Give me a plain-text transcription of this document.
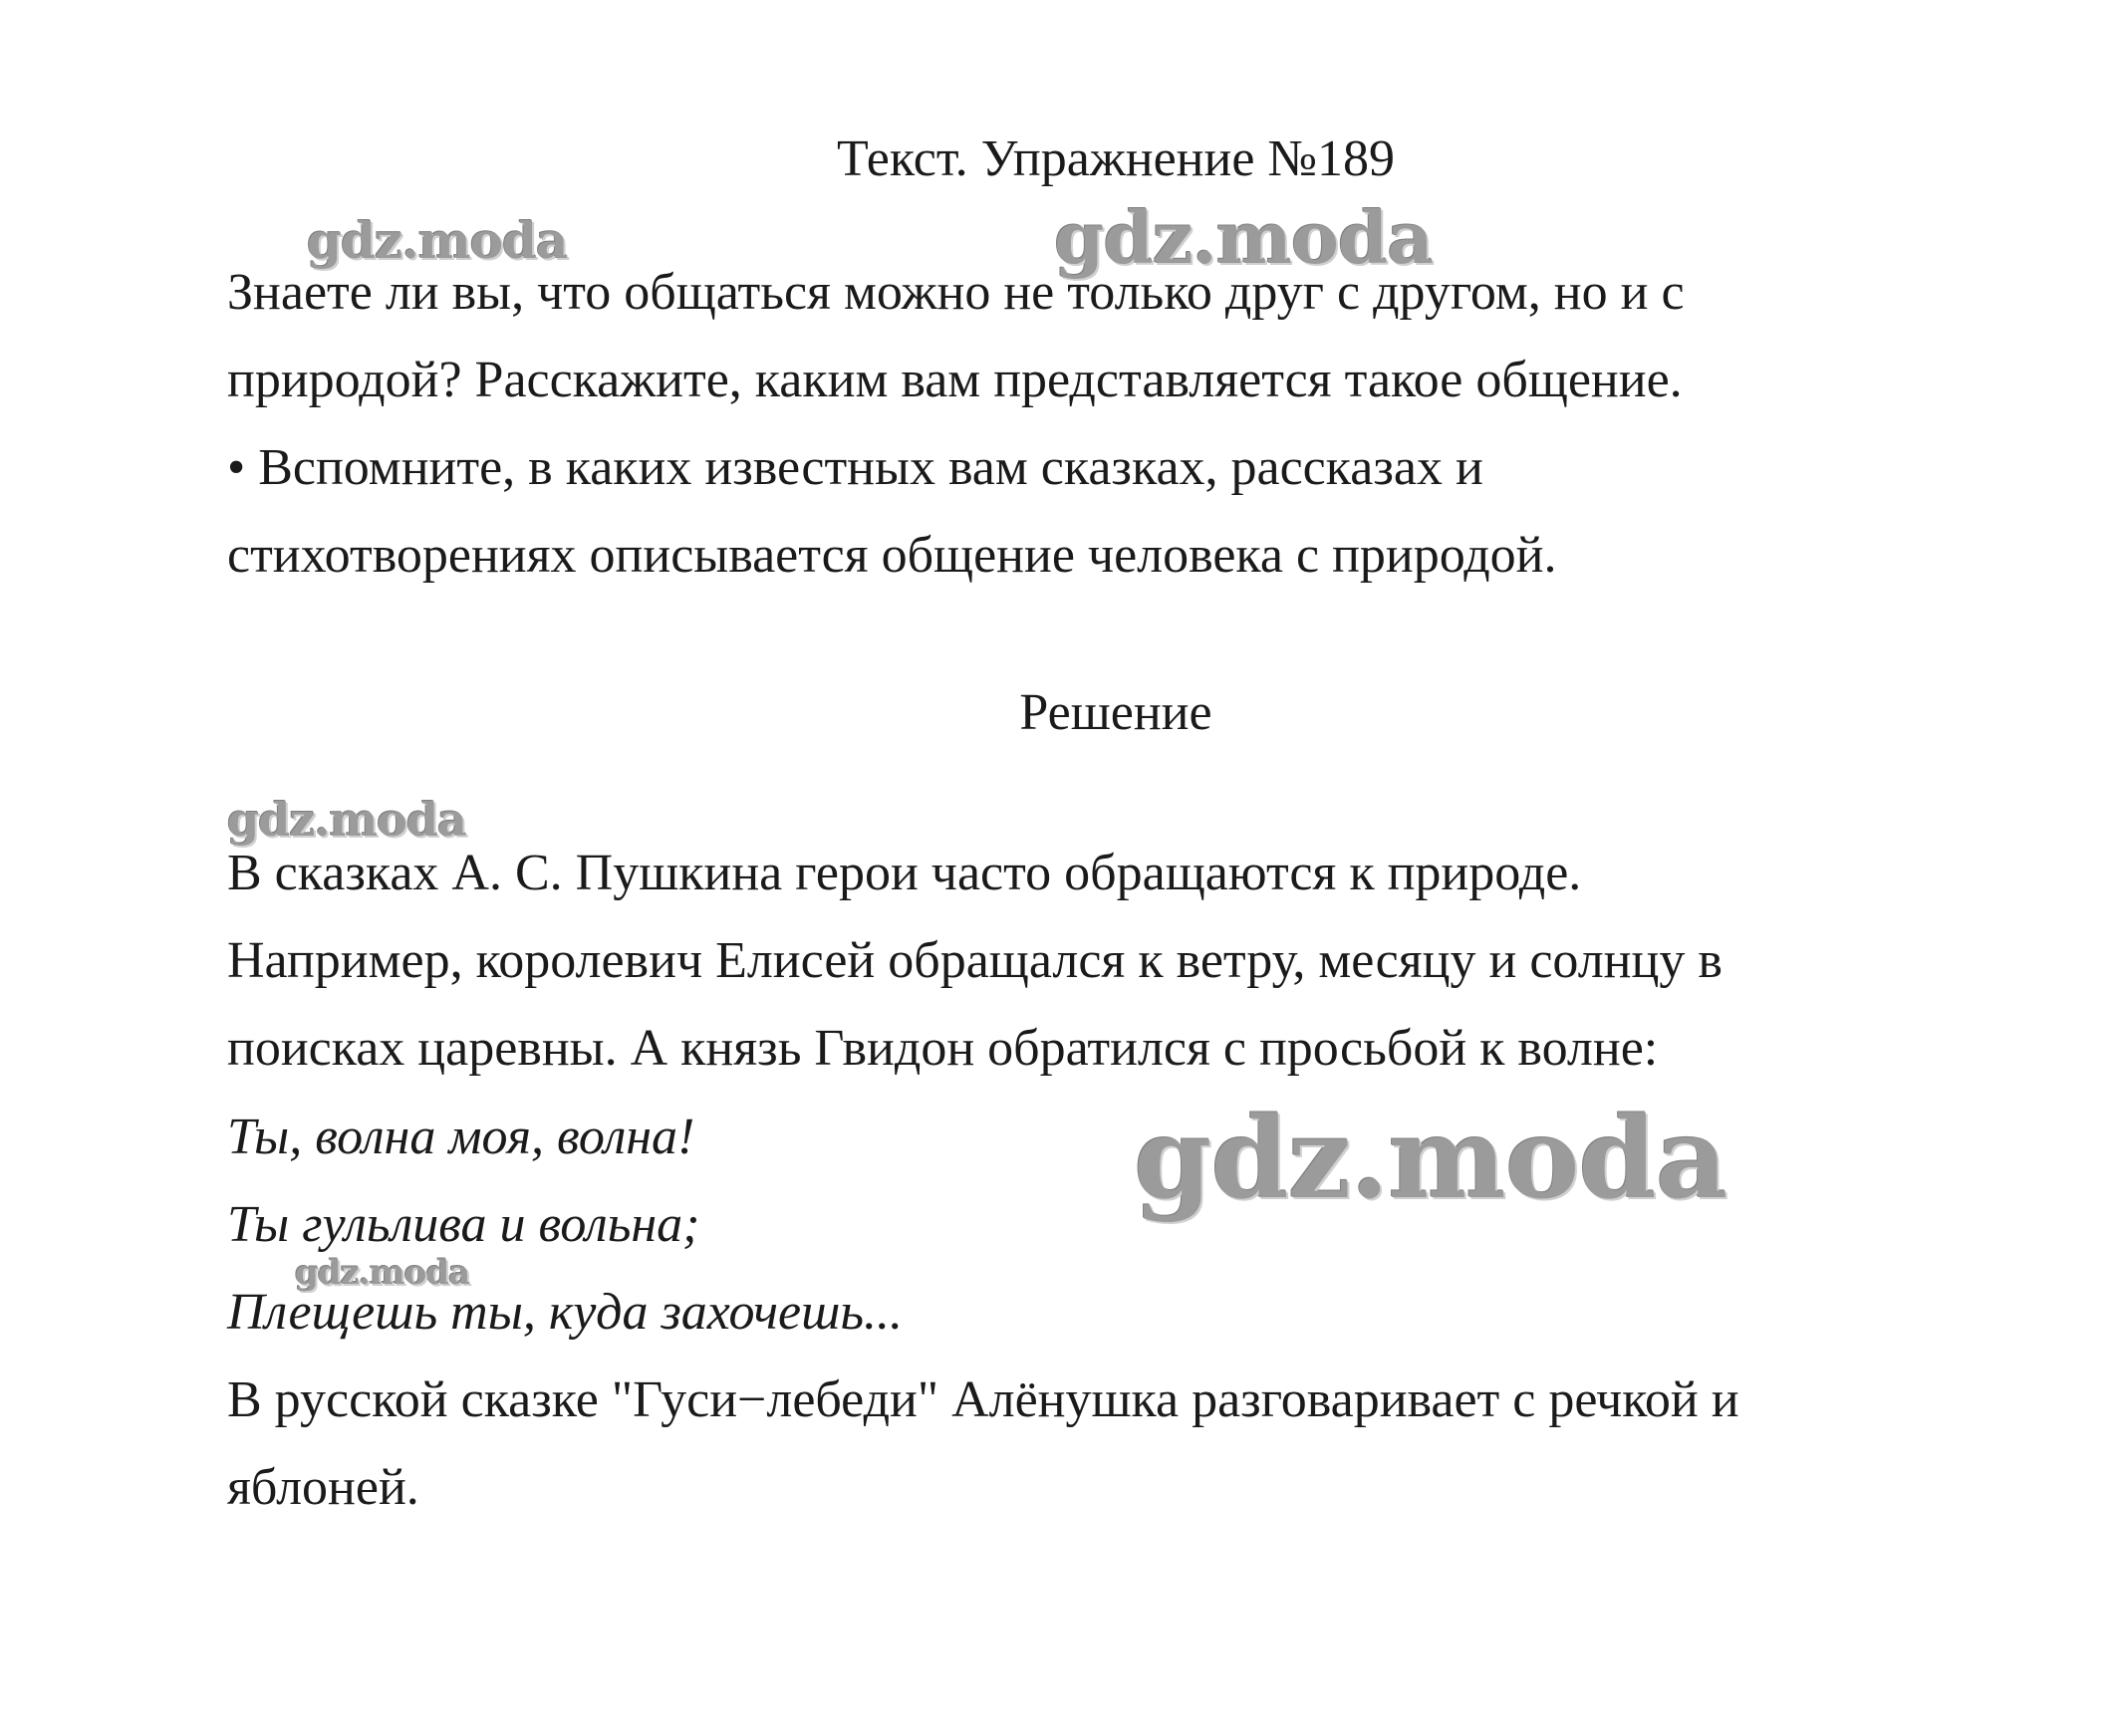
Текст. Упражнение №189
gdz.moda	gdz.moda

Знаете ли вы, что общаться можно не только друг с другом, но и с

природой? Расскажите, каким вам представляется такое общение.

• Вспомните, в каких известных вам сказках, рассказах и

стихотворениях описывается общение человека с природой.

Решение
gdz.moda

В сказках А. С. Пушкина герои часто обращаются к природе.

Например, королевич Елисей обращался к ветру, месяцу и солнцу в

поисках царевны. А князь Гвидон обратился с просьбой к волне:

Ты, волна моя, волна!

Ты гульлива и вольна;

gdz.moda
gdz.moda

Плещешь ты, куда захочешь...

В русской сказке "Гуси−лебеди" Алёнушка разговаривает с речкой и

яблоней.
